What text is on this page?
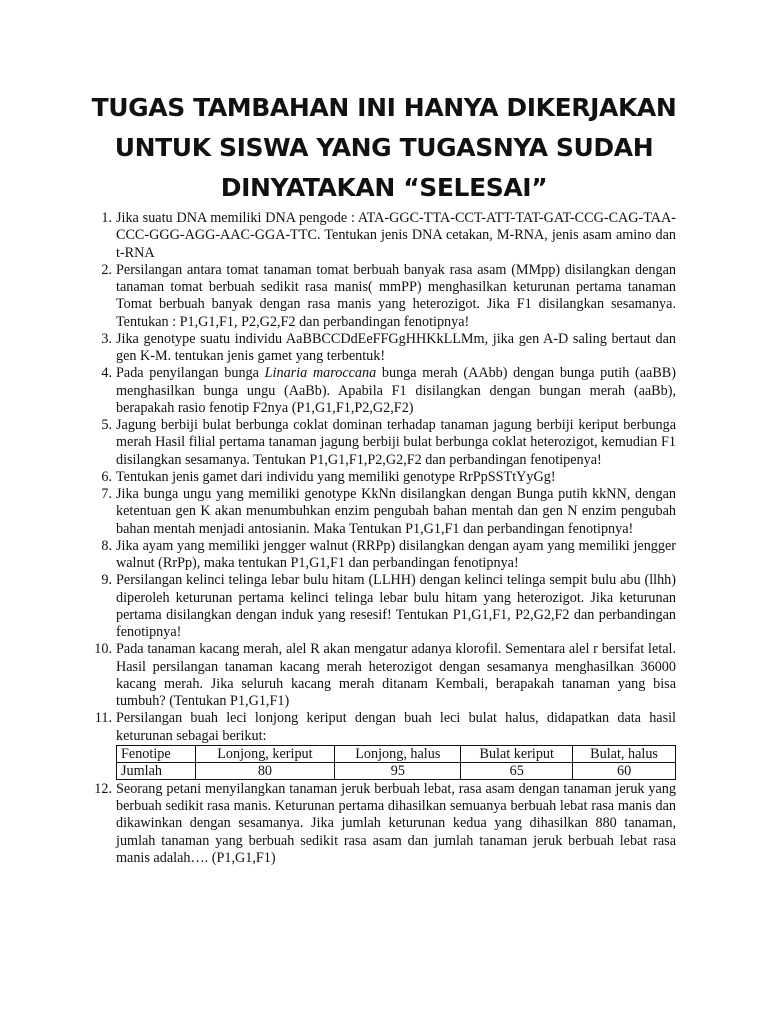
TUGAS TAMBAHAN INI HANYA DIKERJAKAN
UNTUK SISWA YANG TUGASNYA SUDAH
DINYATAKAN “SELESAI”
1. Jika suatu DNA memiliki DNA pengode : ATA-GGC-TTA-CCT-ATT-TAT-GAT-CCG-CAG-TAA-CCC-GGG-AGG-AAC-GGA-TTC. Tentukan jenis DNA cetakan, M-RNA, jenis asam amino dan t-RNA
2. Persilangan antara tomat tanaman tomat berbuah banyak rasa asam (MMpp) disilangkan dengan tanaman tomat berbuah sedikit rasa manis( mmPP) menghasilkan keturunan pertama tanaman Tomat berbuah banyak dengan rasa manis yang heterozigot. Jika F1 disilangkan sesamanya. Tentukan : P1,G1,F1, P2,G2,F2 dan perbandingan fenotipnya!
3. Jika genotype suatu individu AaBBCCDdEeFFGgHHKkLLMm, jika gen A-D saling bertaut dan gen K-M. tentukan jenis gamet yang terbentuk!
4. Pada penyilangan bunga Linaria maroccana bunga merah (AAbb) dengan bunga putih (aaBB) menghasilkan bunga ungu (AaBb). Apabila F1 disilangkan dengan bungan merah (aaBb), berapakah rasio fenotip F2nya (P1,G1,F1,P2,G2,F2)
5. Jagung berbiji bulat berbunga coklat dominan terhadap tanaman jagung berbiji keriput berbunga merah Hasil filial pertama tanaman jagung berbiji bulat berbunga coklat heterozigot, kemudian F1 disilangkan sesamanya. Tentukan P1,G1,F1,P2,G2,F2 dan perbandingan fenotipenya!
6. Tentukan jenis gamet dari individu yang memiliki genotype RrPpSSTtYyGg!
7. Jika bunga ungu yang memiliki genotype KkNn disilangkan dengan Bunga putih kkNN, dengan ketentuan gen K akan menumbuhkan enzim pengubah bahan mentah dan gen N enzim pengubah bahan mentah menjadi antosianin. Maka Tentukan P1,G1,F1 dan perbandingan fenotipnya!
8. Jika ayam yang memiliki jengger walnut (RRPp) disilangkan dengan ayam yang memiliki jengger walnut (RrPp), maka tentukan P1,G1,F1 dan perbandingan fenotipnya!
9. Persilangan kelinci telinga lebar bulu hitam (LLHH) dengan kelinci telinga sempit bulu abu (llhh) diperoleh keturunan pertama kelinci telinga lebar bulu hitam yang heterozigot. Jika keturunan pertama disilangkan dengan induk yang resesif! Tentukan P1,G1,F1, P2,G2,F2 dan perbandingan fenotipnya!
10. Pada tanaman kacang merah, alel R akan mengatur adanya klorofil. Sementara alel r bersifat letal. Hasil persilangan tanaman kacang merah heterozigot dengan sesamanya menghasilkan 36000 kacang merah. Jika seluruh kacang merah ditanam Kembali, berapakah tanaman yang bisa tumbuh? (Tentukan P1,G1,F1)
11. Persilangan buah leci lonjong keriput dengan buah leci bulat halus, didapatkan data hasil keturunan sebagai berikut:
Fenotipe	Lonjong, keriput	Lonjong, halus	Bulat keriput	Bulat, halus
Jumlah	80	95	65	60
12. Seorang petani menyilangkan tanaman jeruk berbuah lebat, rasa asam dengan tanaman jeruk yang berbuah sedikit rasa manis. Keturunan pertama dihasilkan semuanya berbuah lebat rasa manis dan dikawinkan dengan sesamanya. Jika jumlah keturunan kedua yang dihasilkan 880 tanaman, jumlah tanaman yang berbuah sedikit rasa asam dan jumlah tanaman jeruk berbuah lebat rasa manis adalah…. (P1,G1,F1)
